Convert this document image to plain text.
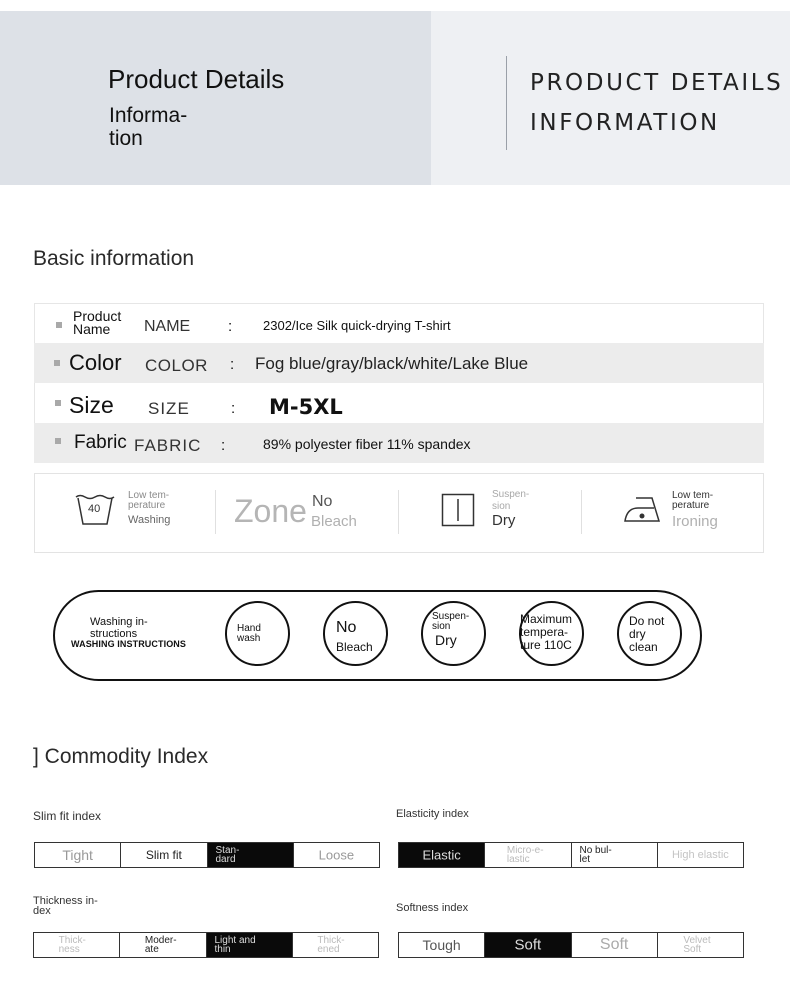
Product Details
Informa-
tion
PRODUCT DETAILS
INFORMATION
Basic information
Product
Name	NAME	: 2302/Ice Silk quick-drying T-shirt
Color COLOR : Fog blue/gray/black/white/Lake Blue
Size SIZE	: M-5XL
Fabric FABRIC :	89% polyester fiber 11% spandex
40
Low tem-
perature
Washing Zone No
Bleach
Suspen-
sion
Dry
Low tem-
perature
Ironing
Washing in-
structions
WASHING INSTRUCTIONS
Hand
wash
No
Bleach
Suspen-
sion
Dry
Maximum
tempera-
ture 110C
Do not
dry
clean
] Commodity Index
Slim fit index
Tight	Slim fit	Stan-dard	Loose
Elasticity index
Elastic	Micro-e-lastic
No bul-let	High elastic
Thickness in-
dex
Thick-ness
Moder-ate
Light and thin
Thick-ened
Softness index
Tough	Soft	Soft	Velvet Soft
